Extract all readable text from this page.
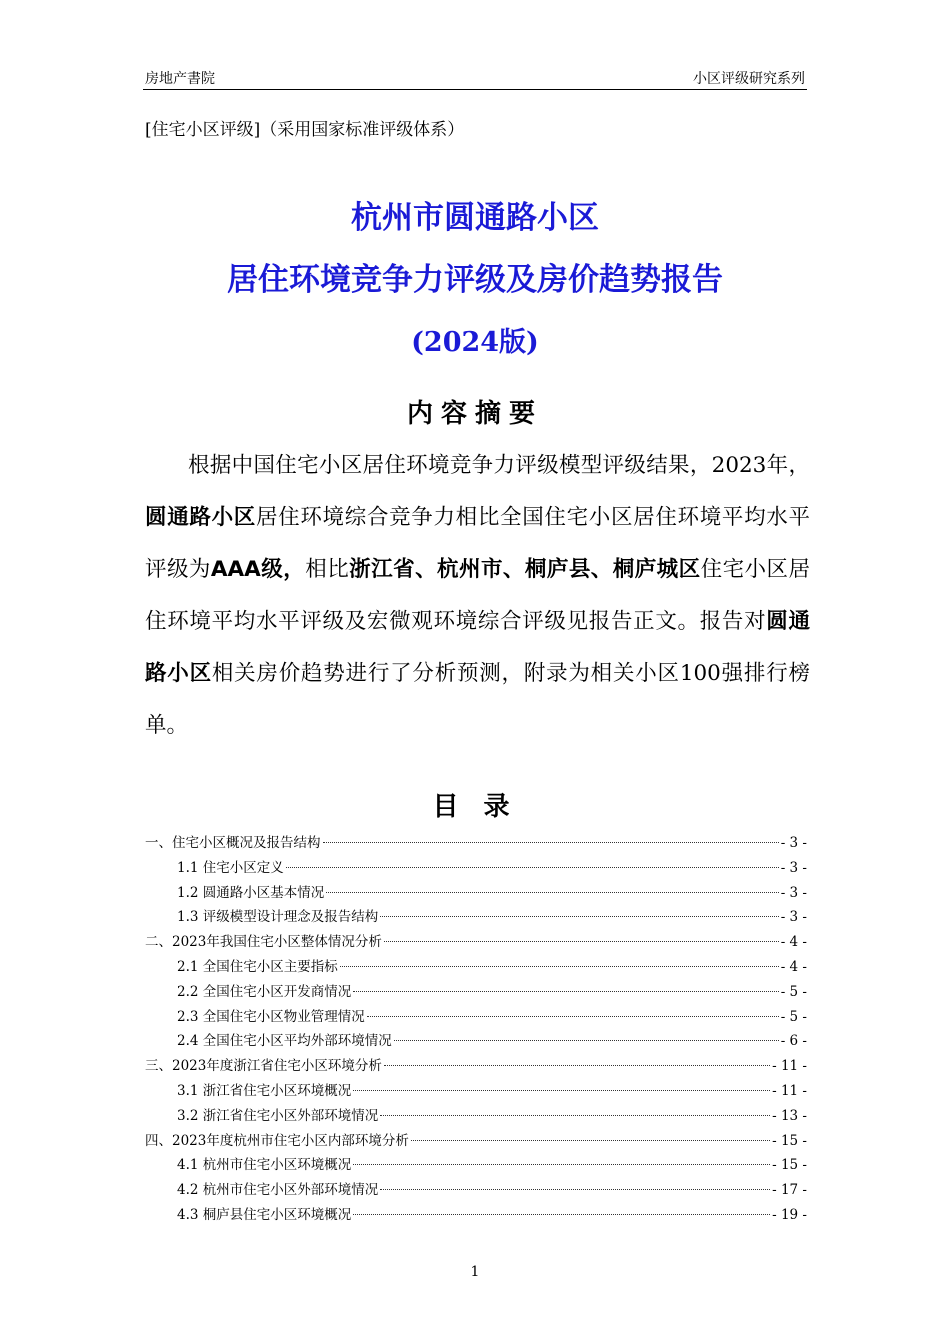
房地产書院	小区评级研究系列
[住宅小区评级]（采用国家标准评级体系）
杭州市圆通路小区
居住环境竞争力评级及房价趋势报告
(2024版)
内容摘要
根据中国住宅小区居住环境竞争力评级模型评级结果，2023年，圆通路小区居住环境综合竞争力相比全国住宅小区居住环境平均水平评级为AAA级，相比浙江省、杭州市、桐庐县、桐庐城区住宅小区居住环境平均水平评级及宏微观环境综合评级见报告正文。报告对圆通路小区相关房价趋势进行了分析预测，附录为相关小区100强排行榜单。
目 录
一、住宅小区概况及报告结构	- 3 -
1.1 住宅小区定义	- 3 -
1.2 圆通路小区基本情况	- 3 -
1.3 评级模型设计理念及报告结构	- 3 -
二、2023年我国住宅小区整体情况分析	- 4 -
2.1 全国住宅小区主要指标	- 4 -
2.2 全国住宅小区开发商情况	- 5 -
2.3 全国住宅小区物业管理情况	- 5 -
2.4 全国住宅小区平均外部环境情况	- 6 -
三、2023年度浙江省住宅小区环境分析	- 11 -
3.1 浙江省住宅小区环境概况	- 11 -
3.2 浙江省住宅小区外部环境情况	- 13 -
四、2023年度杭州市住宅小区内部环境分析	- 15 -
4.1 杭州市住宅小区环境概况	- 15 -
4.2 杭州市住宅小区外部环境情况	- 17 -
4.3 桐庐县住宅小区环境概况	- 19 -
1
